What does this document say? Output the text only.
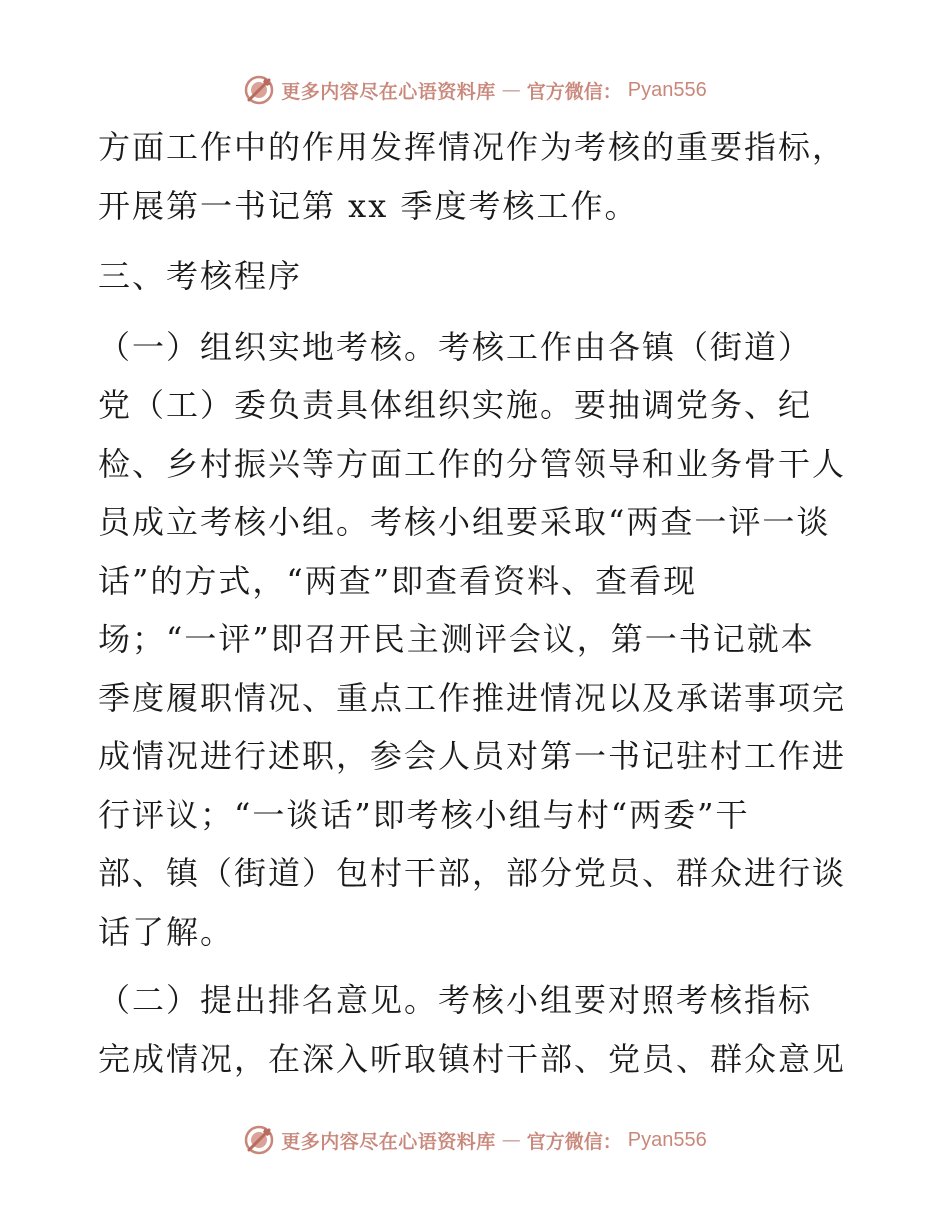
更多内容尽在心语资料库 — 官方微信： Pyan556

方面工作中的作用发挥情况作为考核的重要指标，
开展第一书记第 xx 季度考核工作。

三、考核程序

（一）组织实地考核。考核工作由各镇（街道）
党（工）委负责具体组织实施。要抽调党务、纪
检、乡村振兴等方面工作的分管领导和业务骨干人
员成立考核小组。考核小组要采取“两查一评一谈
话”的方式，“两查”即查看资料、查看现
场；“一评”即召开民主测评会议，第一书记就本
季度履职情况、重点工作推进情况以及承诺事项完
成情况进行述职，参会人员对第一书记驻村工作进
行评议；“一谈话”即考核小组与村“两委”干
部、镇（街道）包村干部，部分党员、群众进行谈
话了解。

（二）提出排名意见。考核小组要对照考核指标
完成情况，在深入听取镇村干部、党员、群众意见

更多内容尽在心语资料库 — 官方微信： Pyan556
